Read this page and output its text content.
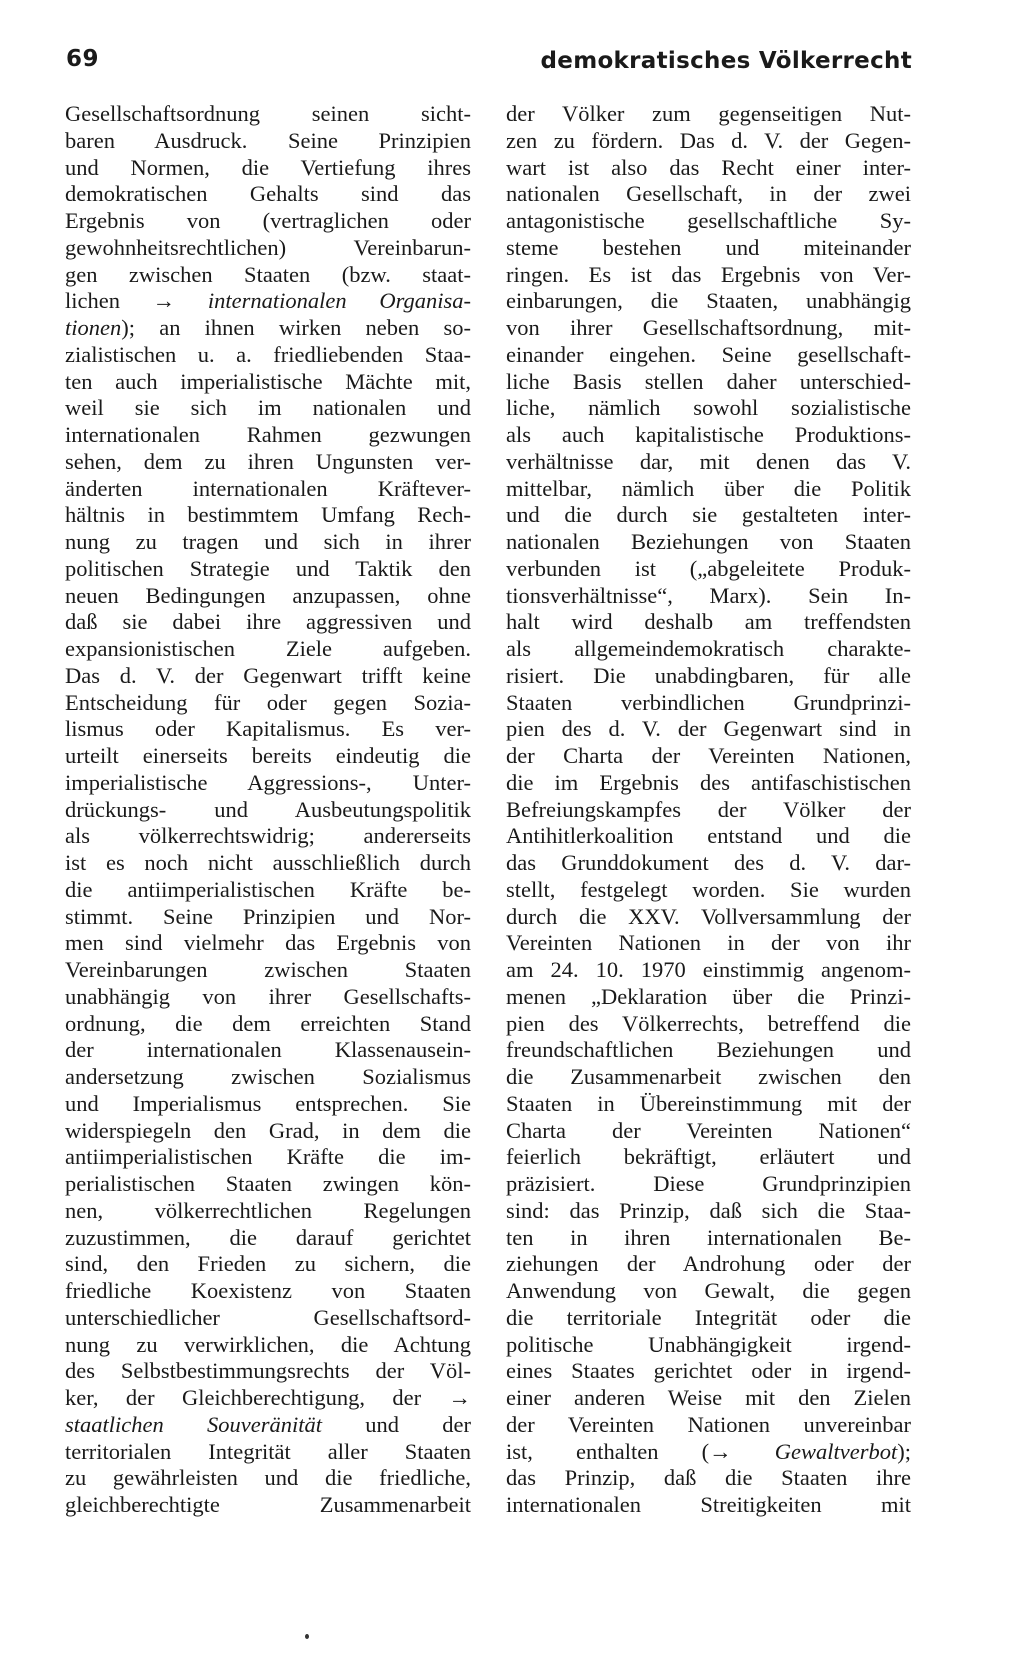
69	demokratisches Völkerrecht
Gesellschaftsordnung seinen sicht-
baren Ausdruck. Seine Prinzipien
und Normen, die Vertiefung ihres
demokratischen Gehalts sind das
Ergebnis von (vertraglichen oder
gewohnheitsrechtlichen) Vereinbarun-
gen zwischen Staaten (bzw. staat-
lichen → internationalen Organisa-
tionen); an ihnen wirken neben so-
zialistischen u. a. friedliebenden Staa-
ten auch imperialistische Mächte mit,
weil sie sich im nationalen und
internationalen Rahmen gezwungen
sehen, dem zu ihren Ungunsten ver-
änderten internationalen Kräftever-
hältnis in bestimmtem Umfang Rech-
nung zu tragen und sich in ihrer
politischen Strategie und Taktik den
neuen Bedingungen anzupassen, ohne
daß sie dabei ihre aggressiven und
expansionistischen Ziele aufgeben.
Das d. V. der Gegenwart trifft keine
Entscheidung für oder gegen Sozia-
lismus oder Kapitalismus. Es ver-
urteilt einerseits bereits eindeutig die
imperialistische Aggressions-, Unter-
drückungs- und Ausbeutungspolitik
als völkerrechtswidrig; andererseits
ist es noch nicht ausschließlich durch
die antiimperialistischen Kräfte be-
stimmt. Seine Prinzipien und Nor-
men sind vielmehr das Ergebnis von
Vereinbarungen zwischen Staaten
unabhängig von ihrer Gesellschafts-
ordnung, die dem erreichten Stand
der internationalen Klassenausein-
andersetzung zwischen Sozialismus
und Imperialismus entsprechen. Sie
widerspiegeln den Grad, in dem die
antiimperialistischen Kräfte die im-
perialistischen Staaten zwingen kön-
nen, völkerrechtlichen Regelungen
zuzustimmen, die darauf gerichtet
sind, den Frieden zu sichern, die
friedliche Koexistenz von Staaten
unterschiedlicher Gesellschaftsord-
nung zu verwirklichen, die Achtung
des Selbstbestimmungsrechts der Völ-
ker, der Gleichberechtigung, der →
staatlichen Souveränität und der
territorialen Integrität aller Staaten
zu gewährleisten und die friedliche,
gleichberechtigte Zusammenarbeit
der Völker zum gegenseitigen Nut-
zen zu fördern. Das d. V. der Gegen-
wart ist also das Recht einer inter-
nationalen Gesellschaft, in der zwei
antagonistische gesellschaftliche Sy-
steme bestehen und miteinander
ringen. Es ist das Ergebnis von Ver-
einbarungen, die Staaten, unabhängig
von ihrer Gesellschaftsordnung, mit-
einander eingehen. Seine gesellschaft-
liche Basis stellen daher unterschied-
liche, nämlich sowohl sozialistische
als auch kapitalistische Produktions-
verhältnisse dar, mit denen das V.
mittelbar, nämlich über die Politik
und die durch sie gestalteten inter-
nationalen Beziehungen von Staaten
verbunden ist („abgeleitete Produk-
tionsverhältnisse“, Marx). Sein In-
halt wird deshalb am treffendsten
als allgemeindemokratisch charakte-
risiert. Die unabdingbaren, für alle
Staaten verbindlichen Grundprinzi-
pien des d. V. der Gegenwart sind in
der Charta der Vereinten Nationen,
die im Ergebnis des antifaschistischen
Befreiungskampfes der Völker der
Antihitlerkoalition entstand und die
das Grunddokument des d. V. dar-
stellt, festgelegt worden. Sie wurden
durch die XXV. Vollversammlung der
Vereinten Nationen in der von ihr
am 24. 10. 1970 einstimmig angenom-
menen „Deklaration über die Prinzi-
pien des Völkerrechts, betreffend die
freundschaftlichen Beziehungen und
die Zusammenarbeit zwischen den
Staaten in Übereinstimmung mit der
Charta der Vereinten Nationen“
feierlich bekräftigt, erläutert und
präzisiert. Diese Grundprinzipien
sind: das Prinzip, daß sich die Staa-
ten in ihren internationalen Be-
ziehungen der Androhung oder der
Anwendung von Gewalt, die gegen
die territoriale Integrität oder die
politische Unabhängigkeit irgend-
eines Staates gerichtet oder in irgend-
einer anderen Weise mit den Zielen
der Vereinten Nationen unvereinbar
ist, enthalten (→ Gewaltverbot);
das Prinzip, daß die Staaten ihre
internationalen Streitigkeiten mit
